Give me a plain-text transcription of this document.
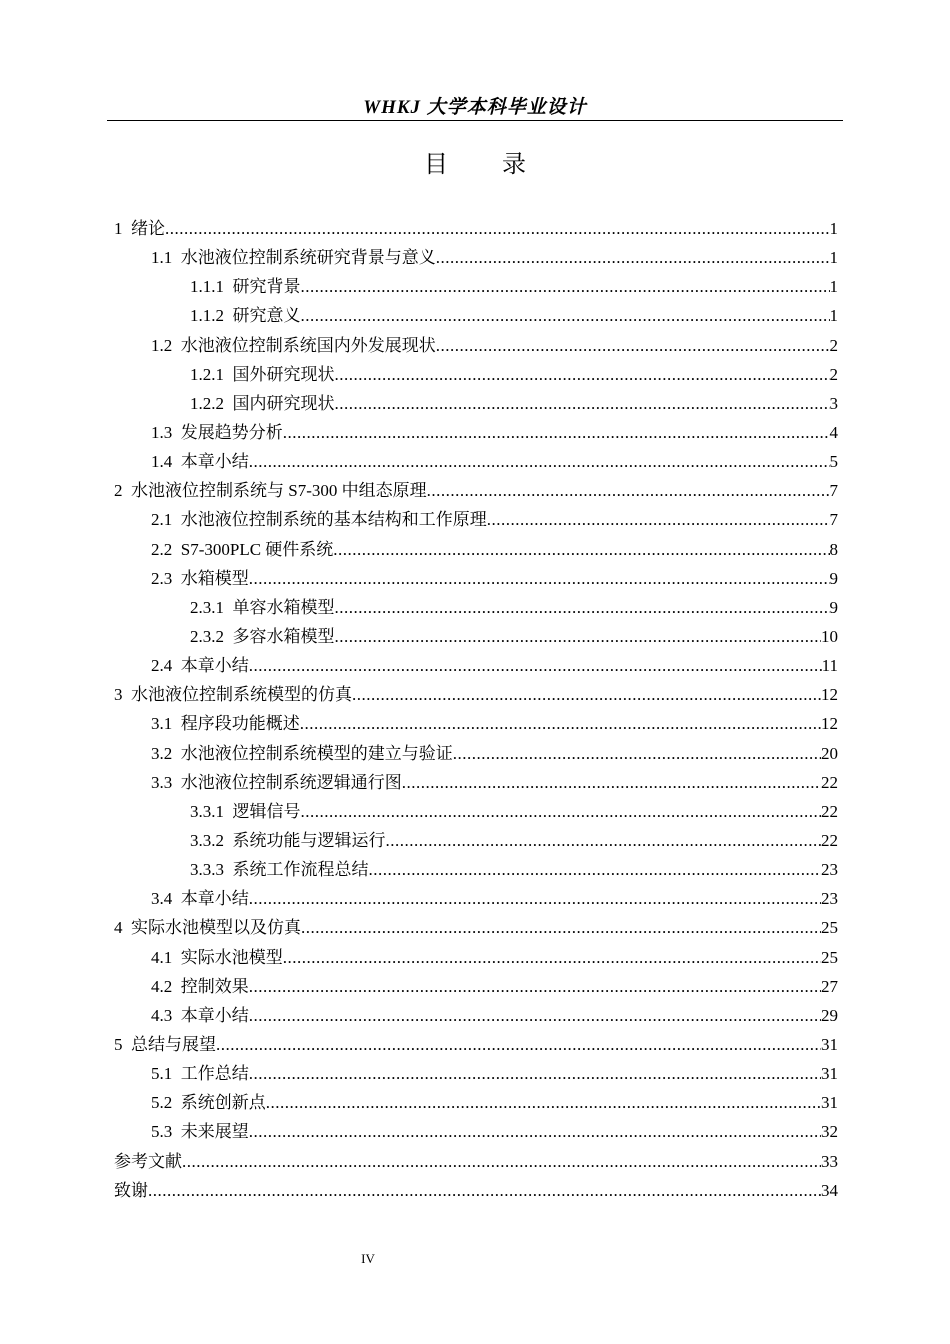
WHKJ 大学本科毕业设计
目 录
1 绪论 .....	1
1.1 水池液位控制系统研究背景与意义 .....	1
1.1.1 研究背景 .....	1
1.1.2 研究意义 .....	1
1.2 水池液位控制系统国内外发展现状 .....	2
1.2.1 国外研究现状 .....	2
1.2.2 国内研究现状 .....	3
1.3 发展趋势分析 .....	4
1.4 本章小结 .....	5
2 水池液位控制系统与 S7-300 中组态原理 .....	7
2.1 水池液位控制系统的基本结构和工作原理 .....	7
2.2 S7-300PLC 硬件系统 .....	8
2.3 水箱模型 .....	9
2.3.1 单容水箱模型 .....	9
2.3.2 多容水箱模型 .....	10
2.4 本章小结 .....	11
3 水池液位控制系统模型的仿真 .....	12
3.1 程序段功能概述 .....	12
3.2 水池液位控制系统模型的建立与验证 .....	20
3.3 水池液位控制系统逻辑通行图 .....	22
3.3.1 逻辑信号 .....	22
3.3.2 系统功能与逻辑运行 .....	22
3.3.3 系统工作流程总结 .....	23
3.4 本章小结 .....	23
4 实际水池模型以及仿真 .....	25
4.1 实际水池模型 .....	25
4.2 控制效果 .....	27
4.3 本章小结 .....	29
5 总结与展望 .....	31
5.1 工作总结 .....	31
5.2 系统创新点 .....	31
5.3 未来展望 .....	32
参考文献 .....	33
致谢 .....	34
IV
